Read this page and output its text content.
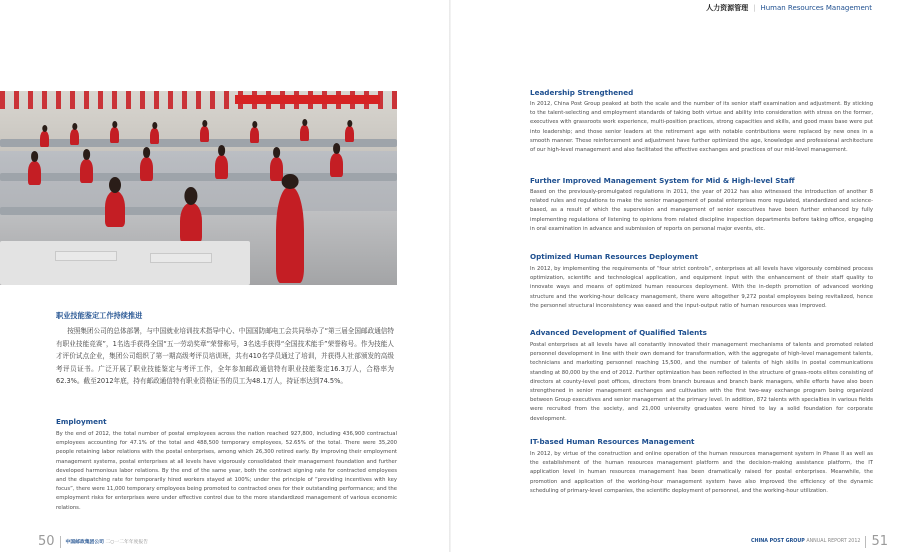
人力资源管理 | Human Resources Management
职业技能鉴定工作持续推进

按照集团公司的总体部署，与中国就业培训技术指导中心、中国国防邮电工会共同举办了“第三届全国邮政通信特有职业技能竞赛”，1名选手获得全国“五一劳动奖章”荣誉称号，3名选手获得“全国技术能手”荣誉称号。作为技能人才评价试点企业，集团公司组织了第一期高级考评员培训班，共有410名学员通过了培训，并获得人社部颁发的高级考评员证书。广泛开展了职业技能鉴定与考评工作，全年参加邮政通信特有职业技能鉴定16.3万人，合格率为62.3%。截至2012年底，持有邮政通信特有职业资格证书的员工为48.1万人，持证率达到74.5%。

Employment

By the end of 2012, the total number of postal employees across the nation reached 927,800, including 436,900 contractual employees accounting for 47.1% of the total and 488,500 temporary employees, 52.65% of the total. There were 35,200 people retaining labor relations with the postal enterprises, among which 26,300 retired early. By improving their employment management systems, postal enterprises at all levels have vigorously consolidated their management foundation and further developed harmonious labor relations. By the end of the same year, both the contract signing rate for contracted employees and the dispatching rate for temporarily hired workers stayed at 100%; under the principle of “providing incentives with key focus”, there were 11,000 temporary employees being promoted to contracted ones for their outstanding performance; and the employment risks for enterprises were under effective control due to the more standardized management of various economic relations.

Leadership Strengthened

In 2012, China Post Group peaked at both the scale and the number of its senior staff examination and adjustment. By sticking to the talent-selecting and employment standards of taking both virtue and ability into consideration with stress on the former, executives with grassroots work experience, multi-position practices, strong capacities and skills, and good mass base were put into leadership; and those senior leaders at the retirement age with notable contributions were replaced by new ones in a smooth manner. These reinforcement and adjustment have further optimized the age, knowledge and professional architecture of our high-level management and also facilitated the effective exchanges and practices of our mid-level management.

Further Improved Management System for Mid & High-level Staff

Based on the previously-promulgated regulations in 2011, the year of 2012 has also witnessed the introduction of another 8 related rules and regulations to make the senior management of postal enterprises more regulated, standardized and science-based, as a result of which the supervision and management of senior executives have been further enhanced by fully implementing regulations of listening to opinions from related discipline inspection departments before taking office, engaging in oral examination in advance and submission of reports on personal major events, etc.

Optimized Human Resources Deployment

In 2012, by implementing the requirements of “four strict controls”, enterprises at all levels have vigorously combined process optimization, scientific and technological application, and equipment input with the enhancement of their staff quality to innovate ways and means of optimized human resources deployment. With the in-depth promotion of advanced working structure and the working-hour delicacy management, there were altogether 9,272 postal employees being revitalized, hence the personnel structural inconsistency was eased and the input-output ratio of human resources was improved.

Advanced Development of Qualified Talents

Postal enterprises at all levels have all constantly innovated their management mechanisms of talents and promoted related personnel development in line with their own demand for transformation, with the aggregate of high-level management talents, technicians and marketing personnel reaching 15,500, and the number of talents of high skills in postal communications standing at 80,000 by the end of 2012. Further optimization has been reflected in the structure of grass-roots elites consisting of directors at county-level post offices, directors from branch bureaus and branch bank managers, while efforts have also been strengthened in senior management exchanges and cultivation with the first two-way exchange program being organized between Group executives and senior management at the primary level. In addition, 872 talents with specialties in various fields were recruited from the society, and 21,000 university graduates were hired to lay a solid foundation for corporate development.

IT-based Human Resources Management

In 2012, by virtue of the construction and online operation of the human resources management system in Phase II as well as the establishment of the human resources management platform and the decision-making assistance platform, the IT application level in human resources management has been dramatically raised for postal enterprises. Meanwhile, the promotion and application of the working-hour management system have also improved the efficiency of the dynamic scheduling of primary-level companies, the scientific deployment of personnel, and the working-hour utilization.

50 中国邮政集团公司 二○一二年年度报告	CHINA POST GROUP ANNUAL REPORT 2012 51
